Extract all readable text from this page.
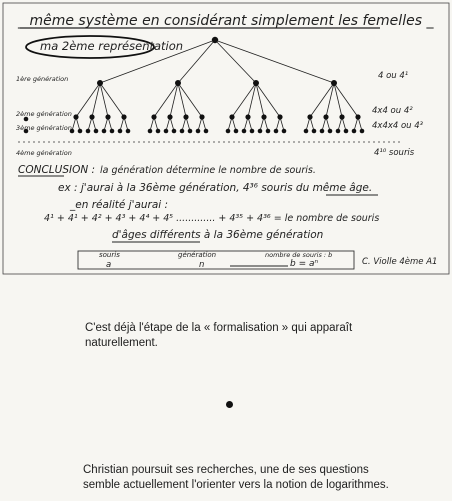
_ même système en considérant simplement les femelles _
ma 2ème représentation
1ère génération
2ème génération
3ème génération
4ème génération
4 ou 4¹
4x4 ou 4²
4x4x4 ou 4³
4¹⁰ souris
CONCLUSION : la génération détermine le nombre de souris.
ex : j'aurai à la 36ème génération, 4³⁶ souris du même âge.
_en réalité j'aurai :
4¹ + 4¹ + 4² + 4³ + 4⁴ + 4⁵ ............. + 4³⁵ + 4³⁶ = le nombre de souris
d'âges différents à la 36ème génération
souris
a
génération
n
nombre de souris : b
b = aⁿ	C. Violle 4ème A1
C'est déjà l'étape de la « formalisation » qui apparaît naturellement.
Christian poursuit ses recherches, une de ses questions semble actuellement l'orienter vers la notion de logarithmes.
